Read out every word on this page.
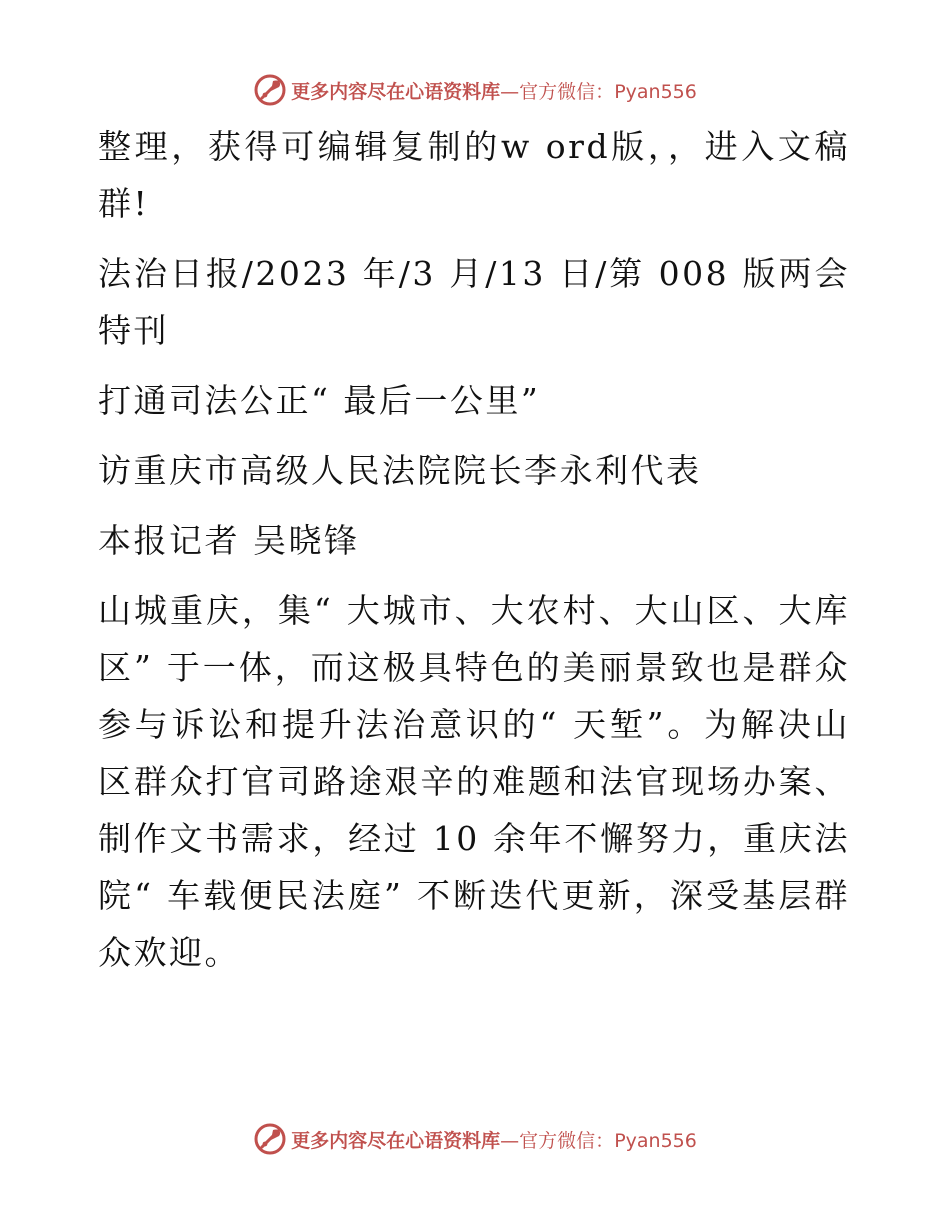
更多内容尽在心语资料库—官方微信：Pyan556

整理，获得可编辑复制的w ord版，，进入文稿群!

法治日报/2023 年/3 月/13 日/第 008 版两会特刊

打通司法公正“ 最后一公里”

访重庆市高级人民法院院长李永利代表

本报记者 吴晓锋

山城重庆，集“ 大城市、大农村、大山区、大库区” 于一体，而这极具特色的美丽景致也是群众参与诉讼和提升法治意识的“ 天堑”。为解决山区群众打官司路途艰辛的难题和法官现场办案、制作文书需求，经过 10 余年不懈努力，重庆法院“ 车载便民法庭” 不断迭代更新，深受基层群众欢迎。

更多内容尽在心语资料库—官方微信：Pyan556
